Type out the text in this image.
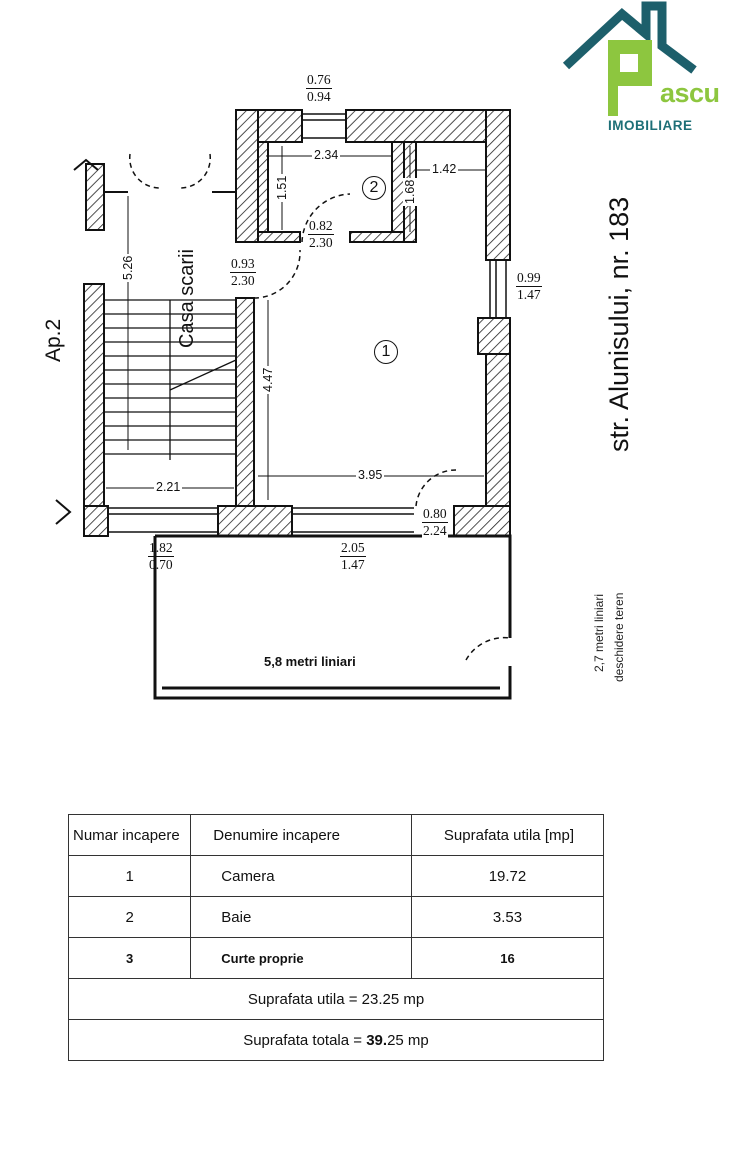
ascu
IMOBILIARE
str. Alunisului, nr. 183
2,7 metri liniari deschidere teren
$\frac{0.76}{0.94}$
$\frac{0.82}{2.30}$
$\frac{0.93}{2.30}$	$\frac{0.99}{1.47}$
$\frac{0.80}{2.24}$
$\frac{1.82}{0.70}$	$\frac{2.05}{1.47}$
2.34
1.42
1.51	1.68
5.26
4.47
3.95
2.21
Casa scarii
Ap.2
2
1
5,8 metri liniari
Numar incapere	Denumire incapere	Suprafata utila [mp]
1	Camera	19.72
2	Baie	3.53
3	Curte proprie	16
Suprafata utila = 23.25 mp		
Suprafata totala = 39.25 mp		
